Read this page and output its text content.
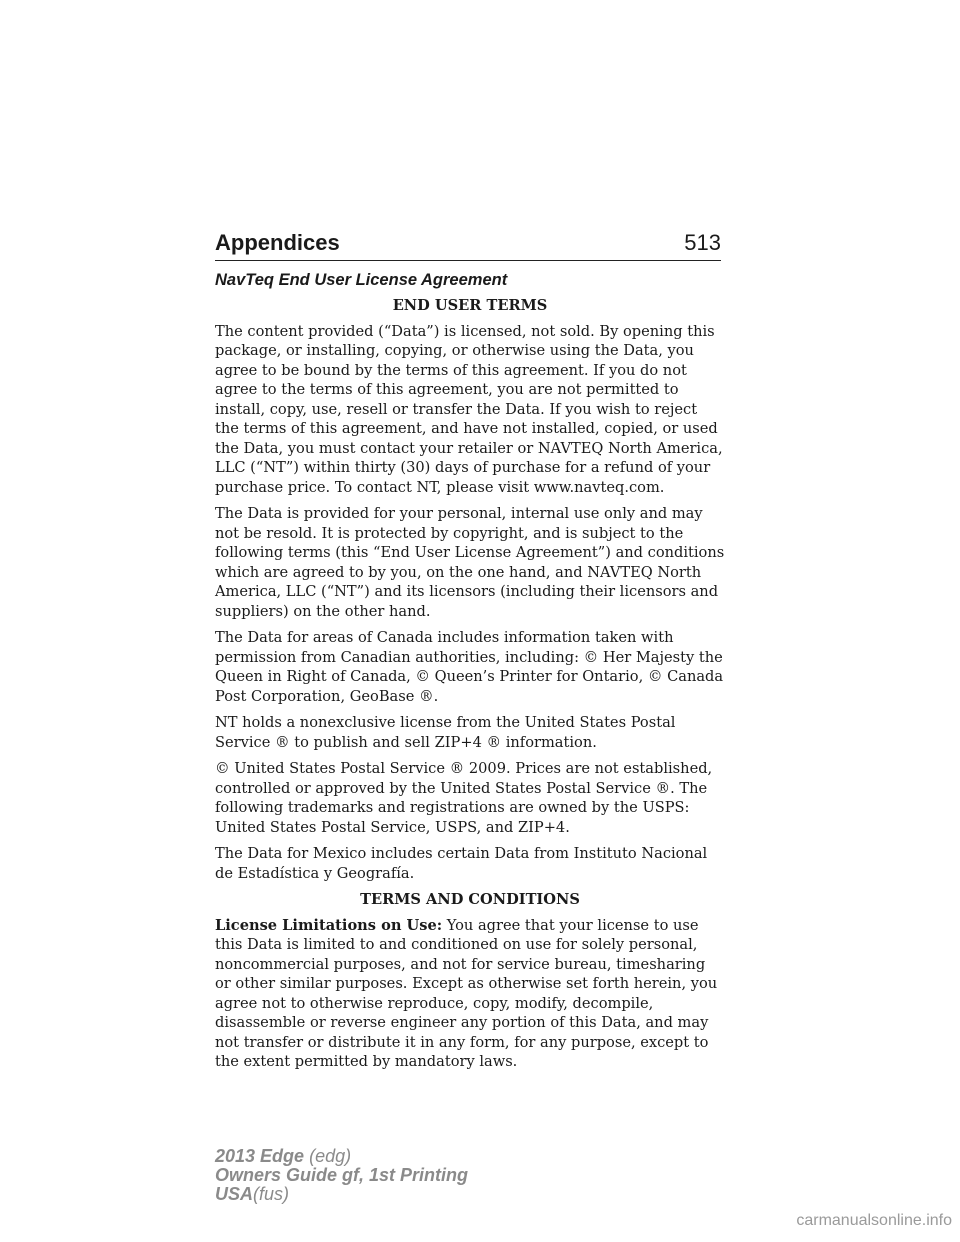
Appendices	513
NavTeq End User License Agreement
END USER TERMS

The content provided (“Data”) is licensed, not sold. By opening this package, or installing, copying, or otherwise using the Data, you agree to be bound by the terms of this agreement. If you do not agree to the terms of this agreement, you are not permitted to install, copy, use, resell or transfer the Data. If you wish to reject the terms of this agreement, and have not installed, copied, or used the Data, you must contact your retailer or NAVTEQ North America, LLC (“NT”) within thirty (30) days of purchase for a refund of your purchase price. To contact NT, please visit www.navteq.com.

The Data is provided for your personal, internal use only and may not be resold. It is protected by copyright, and is subject to the following terms (this “End User License Agreement”) and conditions which are agreed to by you, on the one hand, and NAVTEQ North America, LLC (“NT”) and its licensors (including their licensors and suppliers) on the other hand.

The Data for areas of Canada includes information taken with permission from Canadian authorities, including: © Her Majesty the Queen in Right of Canada, © Queen’s Printer for Ontario, © Canada Post Corporation, GeoBase ®.

NT holds a nonexclusive license from the United States Postal Service ® to publish and sell ZIP+4 ® information.

© United States Postal Service ® 2009. Prices are not established, controlled or approved by the United States Postal Service ®. The following trademarks and registrations are owned by the USPS: United States Postal Service, USPS, and ZIP+4.

The Data for Mexico includes certain Data from Instituto Nacional de Estadística y Geografía.

TERMS AND CONDITIONS

License Limitations on Use: You agree that your license to use this Data is limited to and conditioned on use for solely personal, noncommercial purposes, and not for service bureau, timesharing or other similar purposes. Except as otherwise set forth herein, you agree not to otherwise reproduce, copy, modify, decompile, disassemble or reverse engineer any portion of this Data, and may not transfer or distribute it in any form, for any purpose, except to the extent permitted by mandatory laws.

2013 Edge (edg)
Owners Guide gf, 1st Printing
USA(fus)
carmanualsonline.info
